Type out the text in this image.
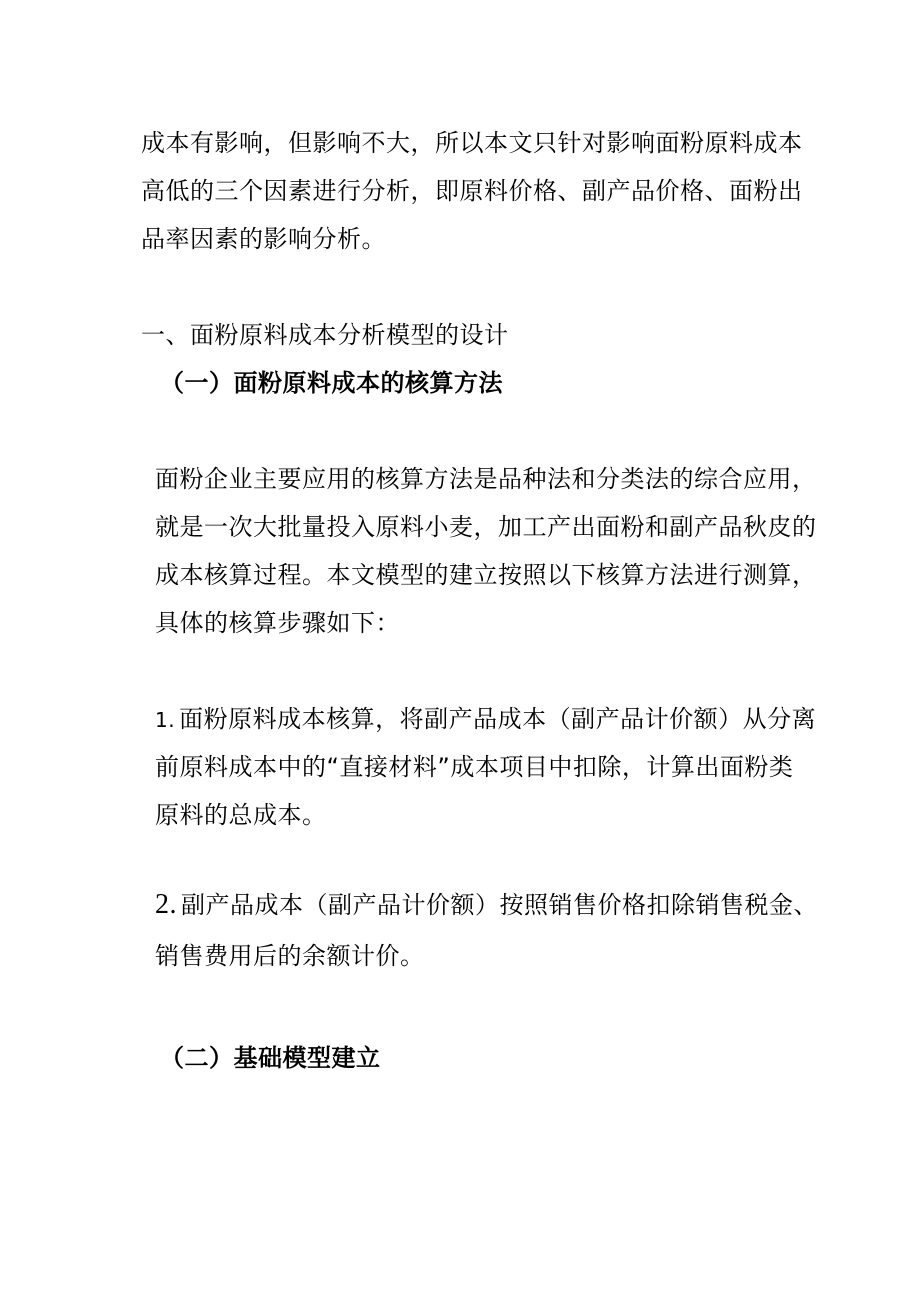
成本有影响，但影响不大，所以本文只针对影响面粉原料成本
高低的三个因素进行分析，即原料价格、副产品价格、面粉出
品率因素的影响分析。
一、面粉原料成本分析模型的设计
（一）面粉原料成本的核算方法
面粉企业主要应用的核算方法是品种法和分类法的综合应用，
就是一次大批量投入原料小麦，加工产出面粉和副产品秋皮的
成本核算过程。本文模型的建立按照以下核算方法进行测算，
具体的核算步骤如下：
1. 面粉原料成本核算，将副产品成本（副产品计价额）从分离
前原料成本中的“直接材料”成本项目中扣除，计算出面粉类
原料的总成本。
2. 副产品成本（副产品计价额）按照销售价格扣除销售税金、
销售费用后的余额计价。
（二）基础模型建立
